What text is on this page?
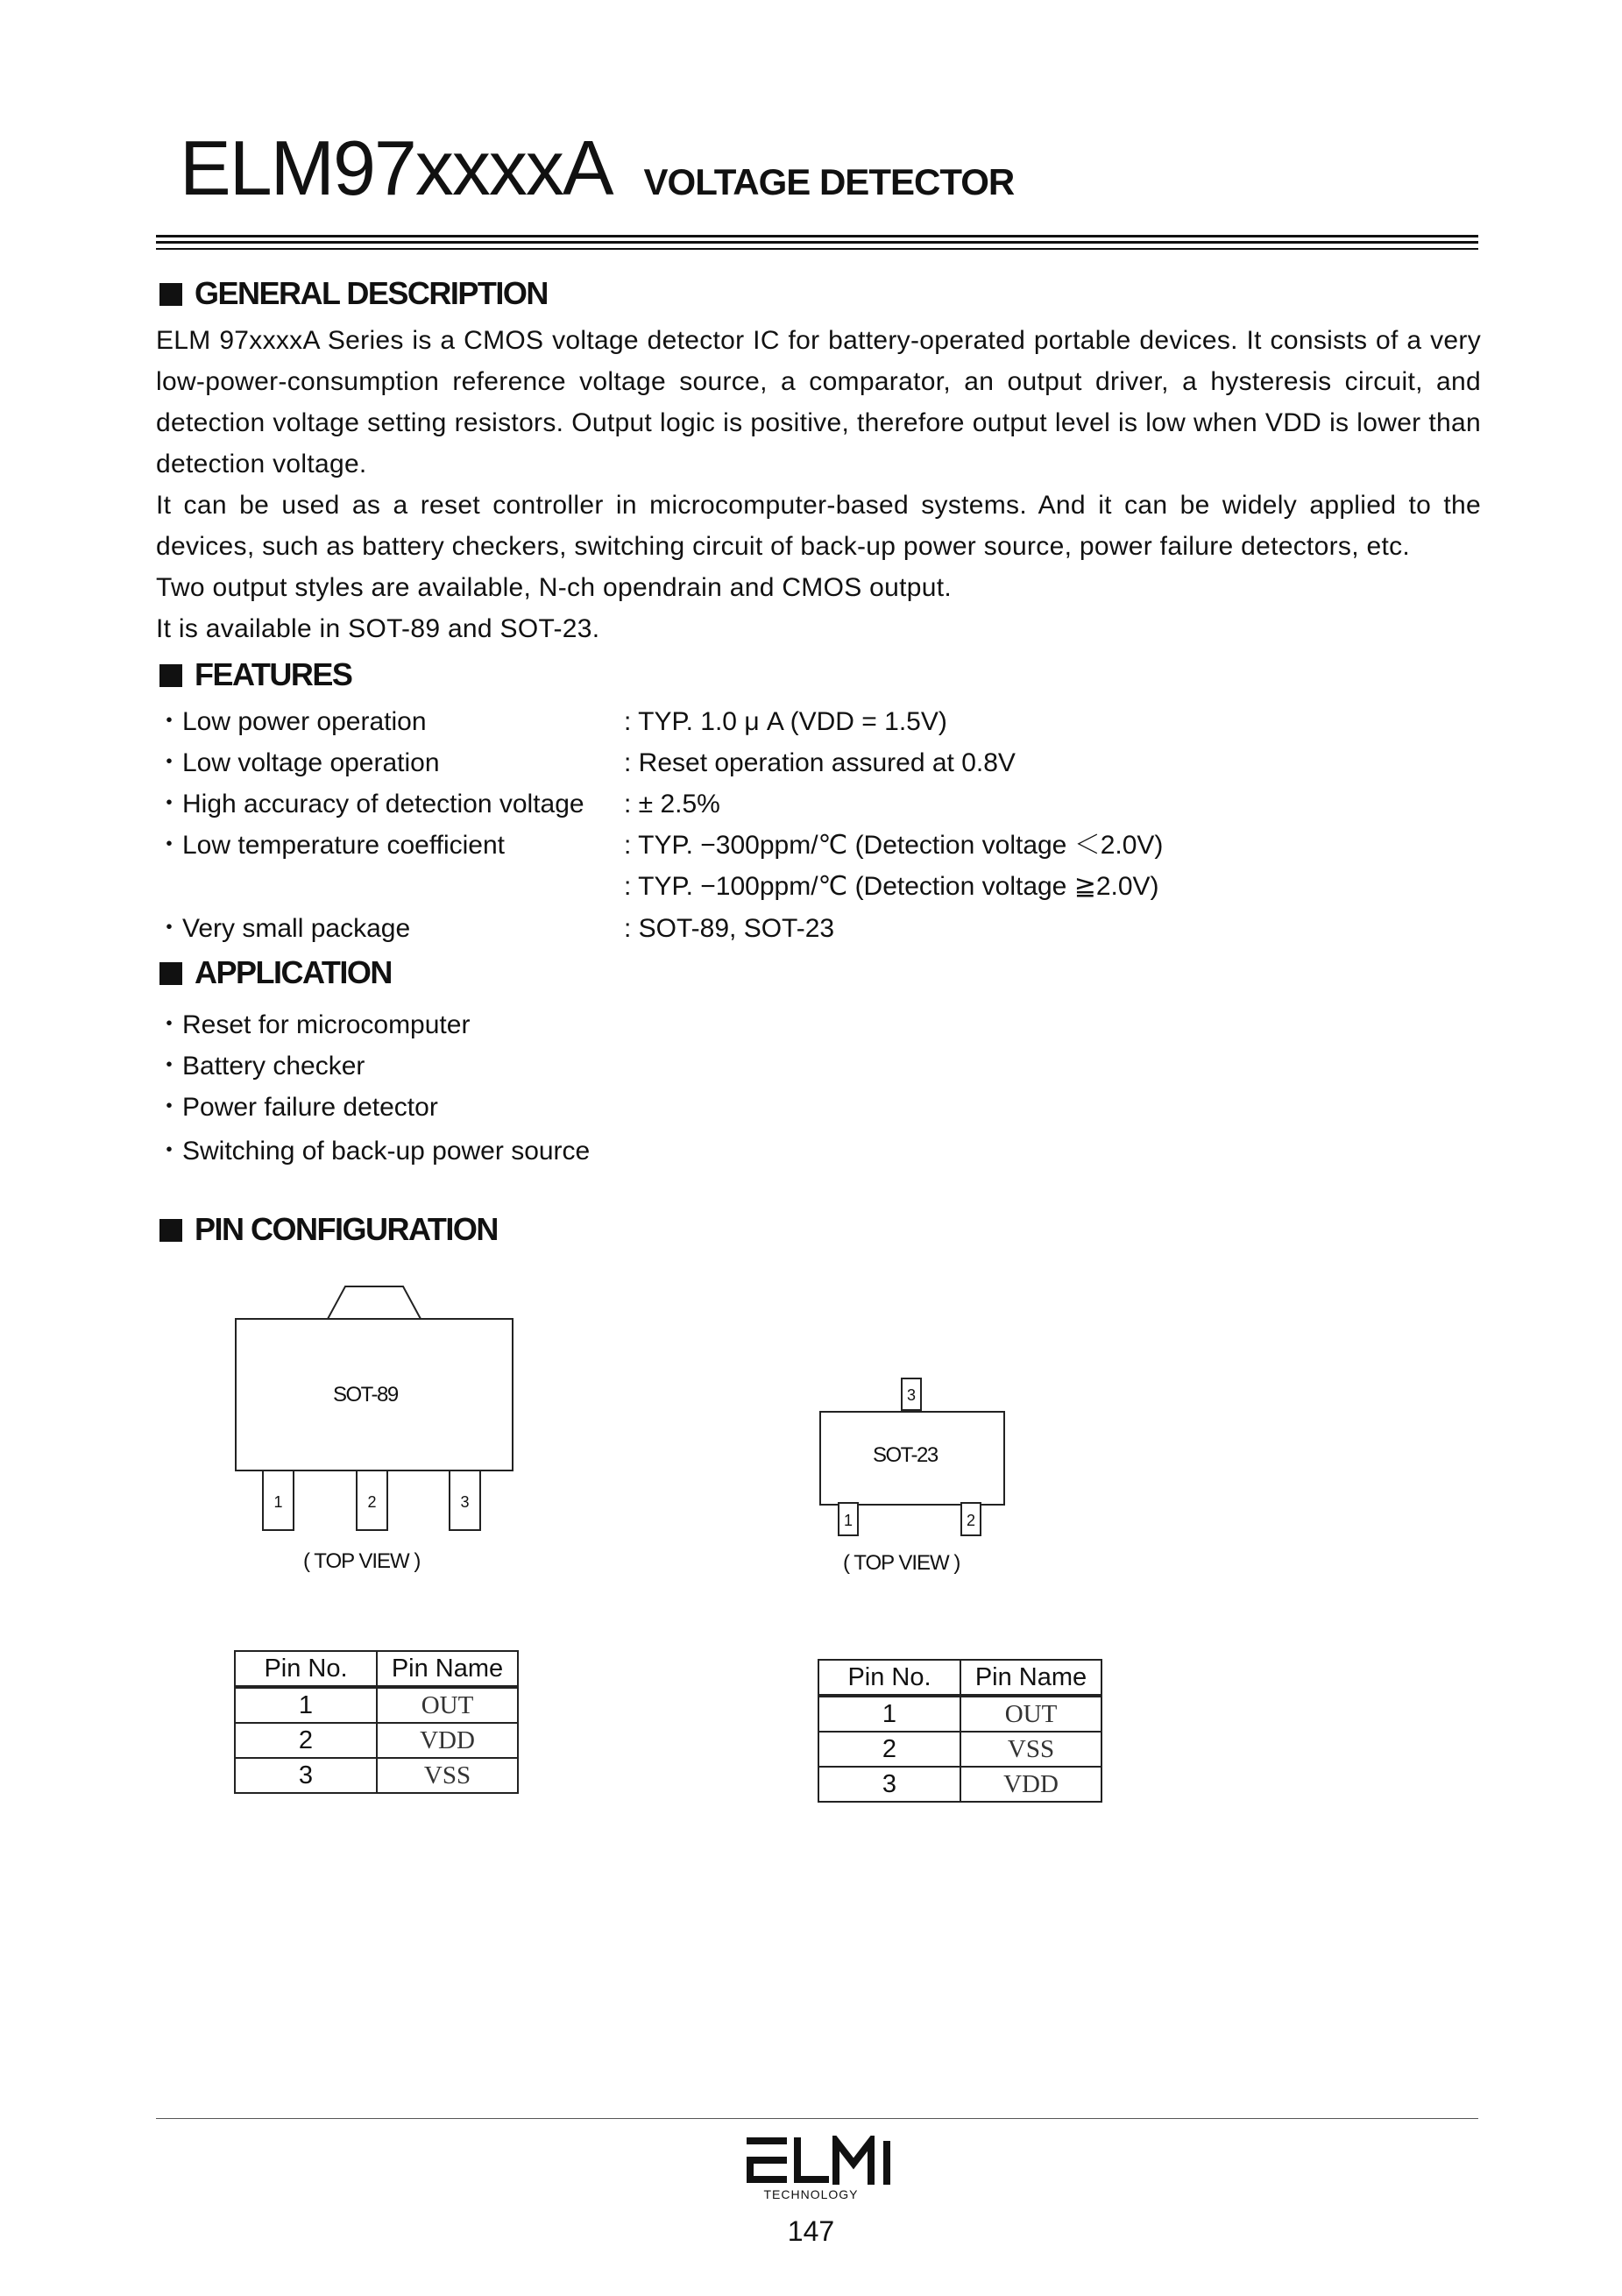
ELM97xxxxA VOLTAGE DETECTOR
GENERAL DESCRIPTION

ELM 97xxxxA Series is a CMOS voltage detector IC for battery-operated portable devices. It consists of a very low-power-consumption reference voltage source, a comparator, an output driver, a hysteresis circuit, and detection voltage setting resistors. Output logic is positive, therefore output level is low when VDD is lower than detection voltage.

It can be used as a reset controller in microcomputer-based systems. And it can be widely applied to the devices, such as battery checkers, switching circuit of back-up power source, power failure detectors, etc.

Two output styles are available, N-ch opendrain and CMOS output.

It is available in SOT-89 and SOT-23.

FEATURES
・Low power operation	: TYP. 1.0 μ A (VDD = 1.5V)
・Low voltage operation	: Reset operation assured at 0.8V
・High accuracy of detection voltage : ± 2.5%
・Low temperature coefficient	: TYP. −300ppm/℃ (Detection voltage ＜2.0V)
: TYP. −100ppm/℃ (Detection voltage ≧2.0V)
・Very small package	: SOT-89, SOT-23
APPLICATION
・Reset for microcomputer
・Battery checker
・Power failure detector
・Switching of back-up power source
PIN CONFIGURATION
SOT-89
1	2	3
( TOP VIEW )
3
SOT-23
1	2
( TOP VIEW )
Pin No.	Pin Name
1	OUT
2	VDD
3	VSS
Pin No.	Pin Name
1	OUT
2	VSS
3	VDD
TECHNOLOGY
147
